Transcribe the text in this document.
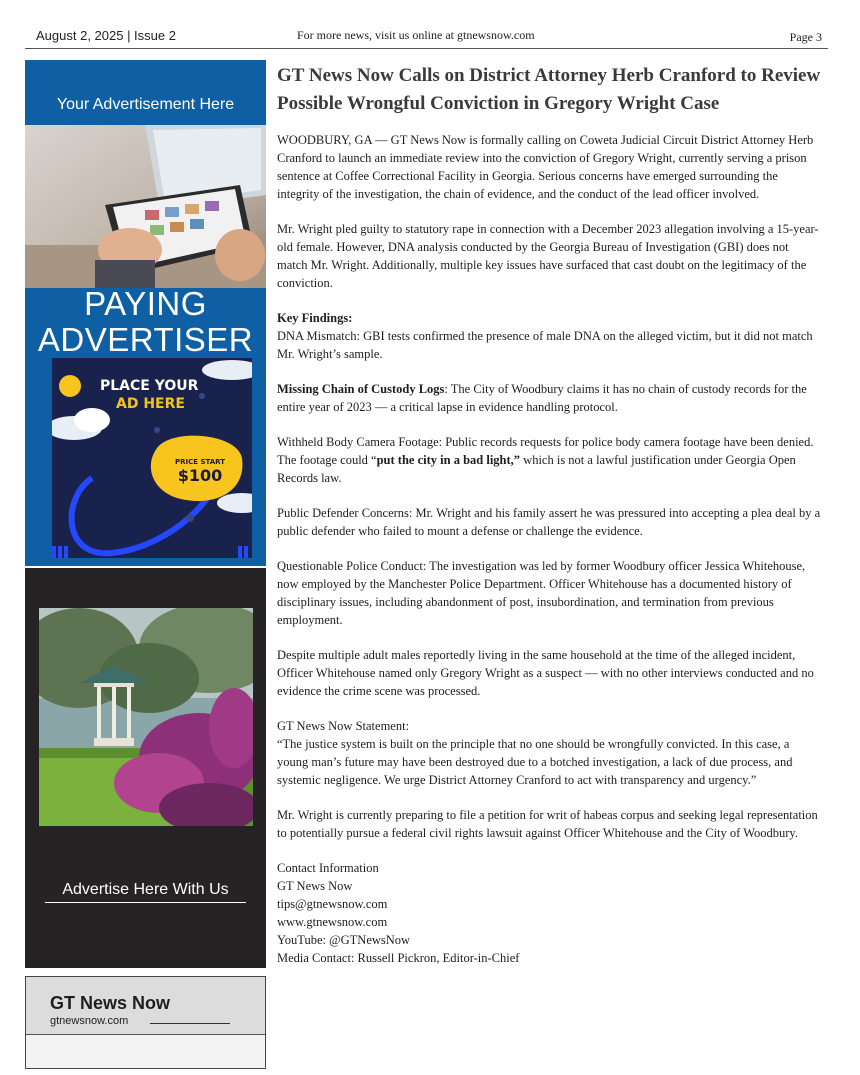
August 2, 2025 | Issue 2	For more news, visit us online at gtnewsnow.com	Page 3
Your Advertisement Here
PAYING
ADVERTISER
PLACE YOUR
AD HERE
PRICE START
$100
Advertise Here With Us
GT News Now
gtnewsnow.com
GT News Now Calls on District Attorney Herb Cranford to Review Possible Wrongful Conviction in Gregory Wright Case

WOODBURY, GA — GT News Now is formally calling on Coweta Judicial Circuit District Attorney Herb Cranford to launch an immediate review into the conviction of Gregory Wright, currently serving a prison sentence at Coffee Correctional Facility in Georgia. Serious concerns have emerged surrounding the integrity of the investigation, the chain of evidence, and the conduct of the lead officer involved.

Mr. Wright pled guilty to statutory rape in connection with a December 2023 allegation involving a 15-year-old female. However, DNA analysis conducted by the Georgia Bureau of Investigation (GBI) does not match Mr. Wright. Additionally, multiple key issues have surfaced that cast doubt on the legitimacy of the conviction.

Key Findings:
DNA Mismatch: GBI tests confirmed the presence of male DNA on the alleged victim, but it did not match Mr. Wright’s sample.

Missing Chain of Custody Logs: The City of Woodbury claims it has no chain of custody records for the entire year of 2023 — a critical lapse in evidence handling protocol.

Withheld Body Camera Footage: Public records requests for police body camera footage have been denied. The footage could “put the city in a bad light,” which is not a lawful justification under Georgia Open Records law.

Public Defender Concerns: Mr. Wright and his family assert he was pressured into accepting a plea deal by a public defender who failed to mount a defense or challenge the evidence.

Questionable Police Conduct: The investigation was led by former Woodbury officer Jessica Whitehouse, now employed by the Manchester Police Department. Officer Whitehouse has a documented history of disciplinary issues, including abandonment of post, insubordination, and termination from previous employment.

Despite multiple adult males reportedly living in the same household at the time of the alleged incident, Officer Whitehouse named only Gregory Wright as a suspect — with no other interviews conducted and no evidence the crime scene was processed.

GT News Now Statement:
“The justice system is built on the principle that no one should be wrongfully convicted. In this case, a young man’s future may have been destroyed due to a botched investigation, a lack of due process, and systemic negligence. We urge District Attorney Cranford to act with transparency and urgency.”

Mr. Wright is currently preparing to file a petition for writ of habeas corpus and seeking legal representation to potentially pursue a federal civil rights lawsuit against Officer Whitehouse and the City of Woodbury.

Contact Information
GT News Now
tips@gtnewsnow.com
www.gtnewsnow.com
YouTube: @GTNewsNow
Media Contact: Russell Pickron, Editor-in-Chief
